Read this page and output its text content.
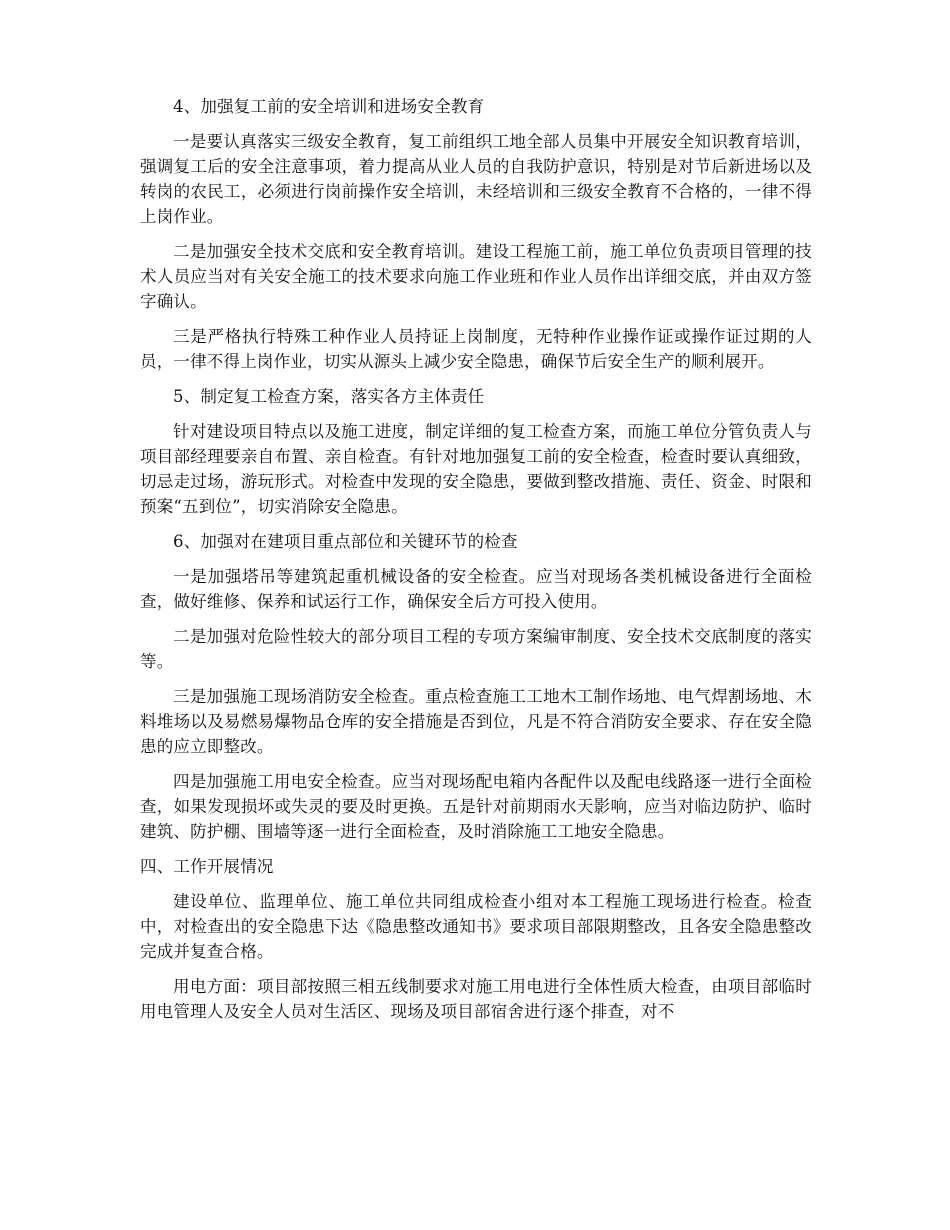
4、加强复工前的安全培训和进场安全教育

一是要认真落实三级安全教育，复工前组织工地全部人员集中开展安全知识教育培训，强调复工后的安全注意事项，着力提高从业人员的自我防护意识，特别是对节后新进场以及转岗的农民工，必须进行岗前操作安全培训，未经培训和三级安全教育不合格的，一律不得上岗作业。

二是加强安全技术交底和安全教育培训。建设工程施工前，施工单位负责项目管理的技术人员应当对有关安全施工的技术要求向施工作业班和作业人员作出详细交底，并由双方签字确认。

三是严格执行特殊工种作业人员持证上岗制度，无特种作业操作证或操作证过期的人员，一律不得上岗作业，切实从源头上减少安全隐患，确保节后安全生产的顺利展开。

5、制定复工检查方案，落实各方主体责任

针对建设项目特点以及施工进度，制定详细的复工检查方案，而施工单位分管负责人与项目部经理要亲自布置、亲自检查。有针对地加强复工前的安全检查，检查时要认真细致，切忌走过场，游玩形式。对检查中发现的安全隐患，要做到整改措施、责任、资金、时限和预案“五到位”，切实消除安全隐患。

6、加强对在建项目重点部位和关键环节的检查

一是加强塔吊等建筑起重机械设备的安全检查。应当对现场各类机械设备进行全面检查，做好维修、保养和试运行工作，确保安全后方可投入使用。

二是加强对危险性较大的部分项目工程的专项方案编审制度、安全技术交底制度的落实等。

三是加强施工现场消防安全检查。重点检查施工工地木工制作场地、电气焊割场地、木料堆场以及易燃易爆物品仓库的安全措施是否到位，凡是不符合消防安全要求、存在安全隐患的应立即整改。

四是加强施工用电安全检查。应当对现场配电箱内各配件以及配电线路逐一进行全面检查，如果发现损坏或失灵的要及时更换。五是针对前期雨水天影响，应当对临边防护、临时建筑、防护棚、围墙等逐一进行全面检查，及时消除施工工地安全隐患。

四、工作开展情况

建设单位、监理单位、施工单位共同组成检查小组对本工程施工现场进行检查。检查中，对检查出的安全隐患下达《隐患整改通知书》要求项目部限期整改，且各安全隐患整改完成并复查合格。

用电方面：项目部按照三相五线制要求对施工用电进行全体性质大检查，由项目部临时用电管理人及安全人员对生活区、现场及项目部宿舍进行逐个排查，对不
